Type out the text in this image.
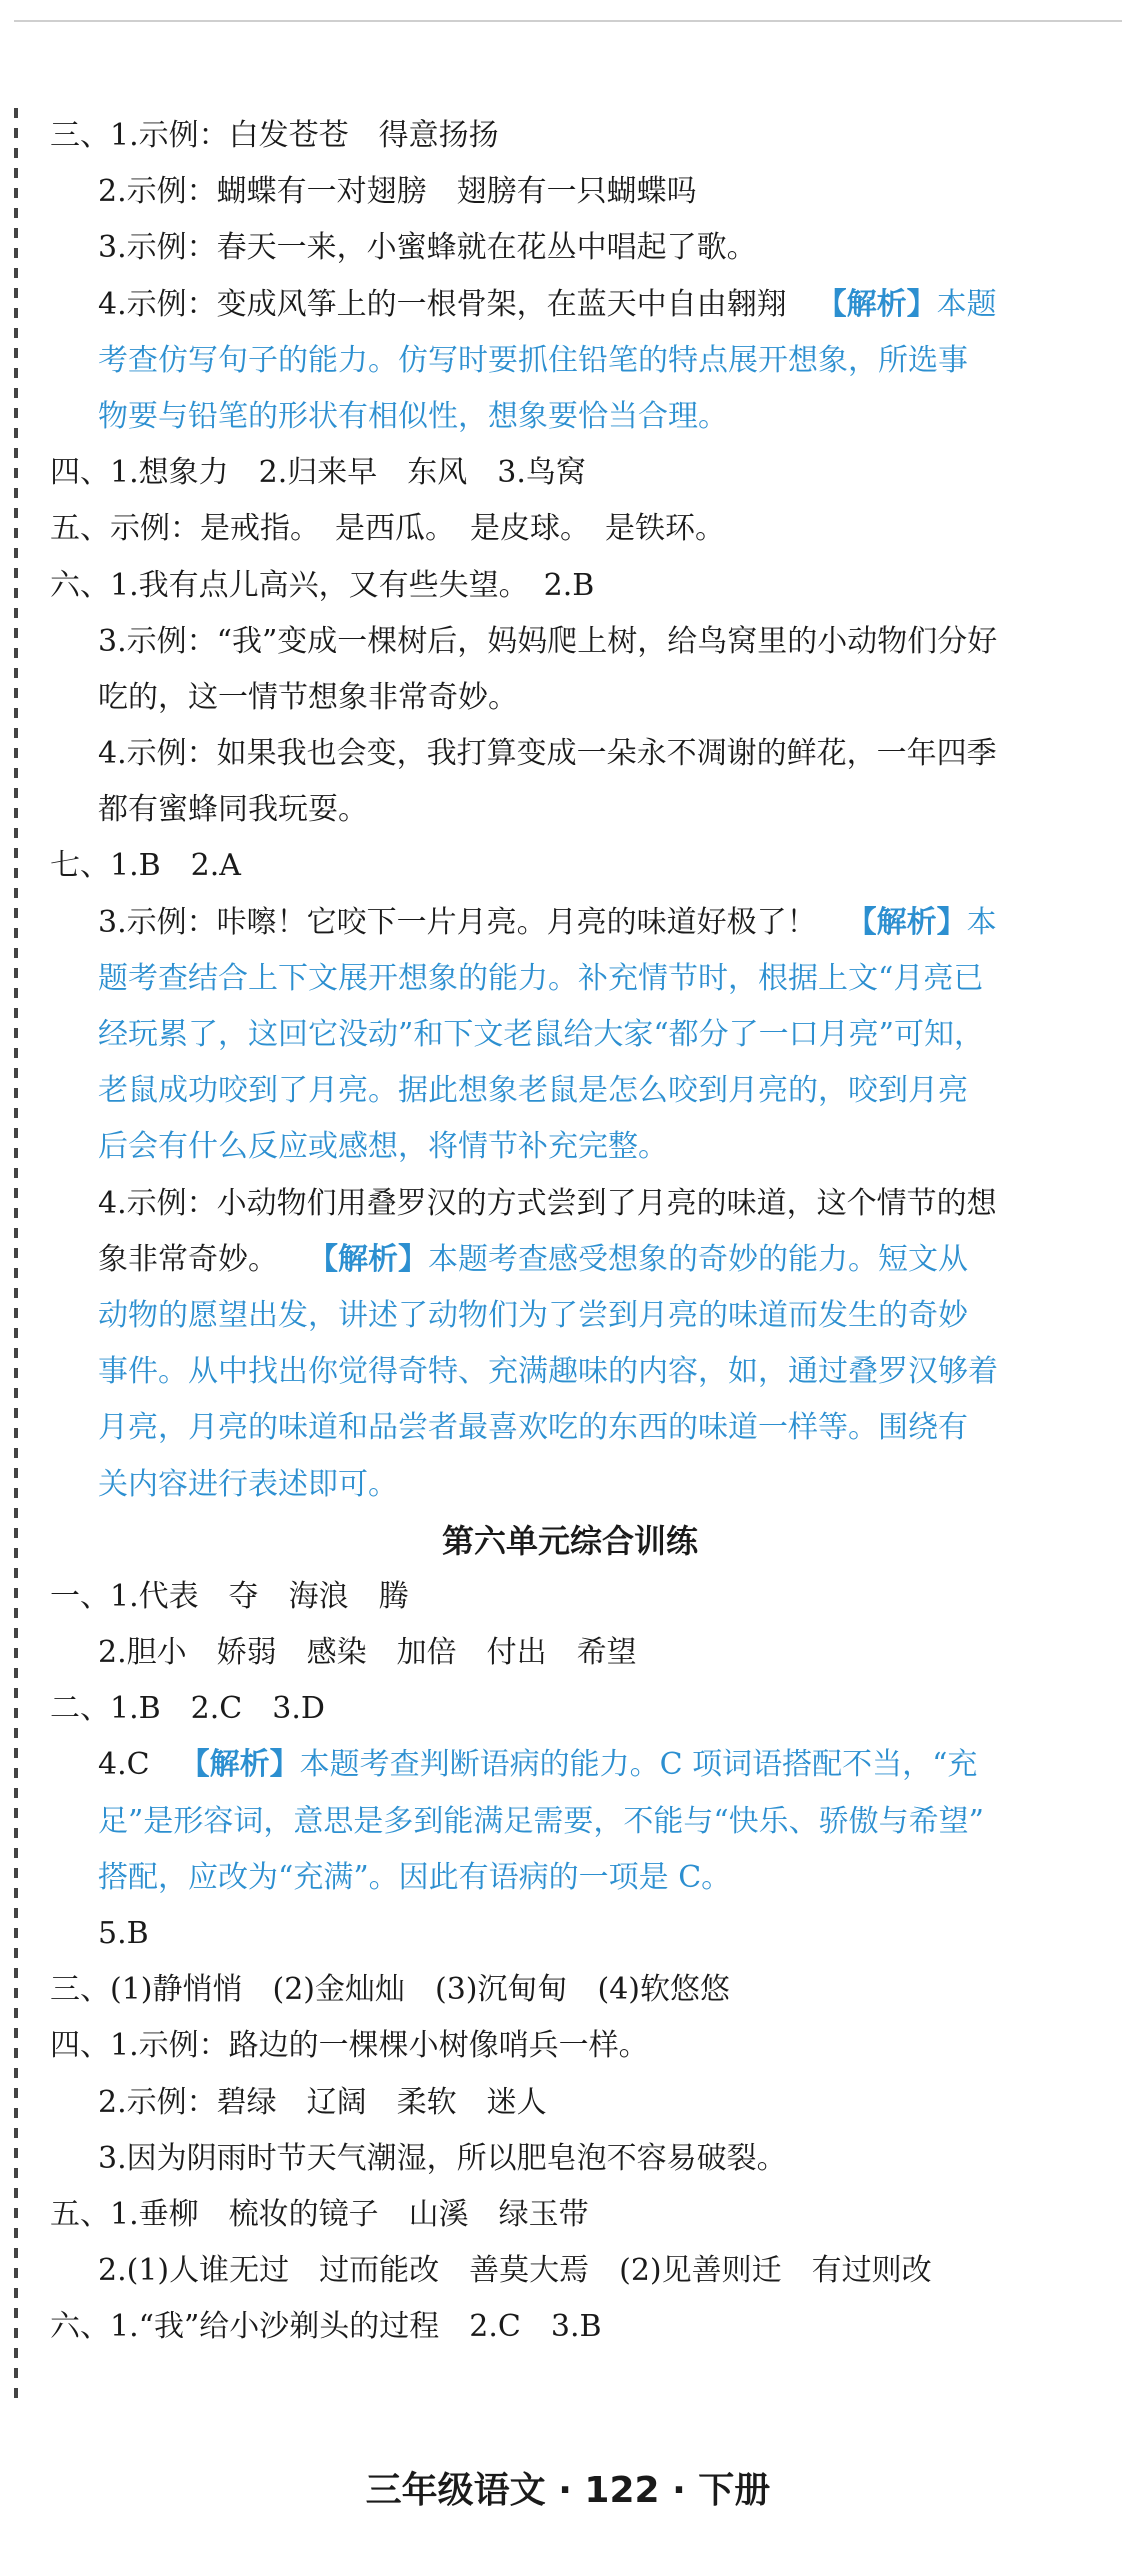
三、1.示例：白发苍苍　得意扬扬
2.示例：蝴蝶有一对翅膀　翅膀有一只蝴蝶吗
3.示例：春天一来，小蜜蜂就在花丛中唱起了歌。
4.示例：变成风筝上的一根骨架，在蓝天中自由翱翔 【解析】本题
考查仿写句子的能力。仿写时要抓住铅笔的特点展开想象，所选事
物要与铅笔的形状有相似性，想象要恰当合理。
四、1.想象力　2.归来早　东风　3.鸟窝
五、示例：是戒指。　是西瓜。　是皮球。　是铁环。
六、1.我有点儿高兴，又有些失望。　2.B
3.示例：“我”变成一棵树后，妈妈爬上树，给鸟窝里的小动物们分好
吃的，这一情节想象非常奇妙。
4.示例：如果我也会变，我打算变成一朵永不凋谢的鲜花，一年四季
都有蜜蜂同我玩耍。
七、1.B　2.A
3.示例：咔嚓！它咬下一片月亮。月亮的味道好极了！ 【解析】本
题考查结合上下文展开想象的能力。补充情节时，根据上文“月亮已
经玩累了，这回它没动”和下文老鼠给大家“都分了一口月亮”可知，
老鼠成功咬到了月亮。据此想象老鼠是怎么咬到月亮的，咬到月亮
后会有什么反应或感想，将情节补充完整。
4.示例：小动物们用叠罗汉的方式尝到了月亮的味道，这个情节的想
象非常奇妙。 【解析】本题考查感受想象的奇妙的能力。短文从
动物的愿望出发，讲述了动物们为了尝到月亮的味道而发生的奇妙
事件。从中找出你觉得奇特、充满趣味的内容，如，通过叠罗汉够着
月亮，月亮的味道和品尝者最喜欢吃的东西的味道一样等。围绕有
关内容进行表述即可。
第六单元综合训练
一、1.代表　夺　海浪　腾
2.胆小　娇弱　感染　加倍　付出　希望
二、1.B　2.C　3.D
4.C 【解析】本题考查判断语病的能力。C 项词语搭配不当，“充
足”是形容词，意思是多到能满足需要，不能与“快乐、骄傲与希望”
搭配，应改为“充满”。因此有语病的一项是 C。
5.B
三、(1)静悄悄　(2)金灿灿　(3)沉甸甸　(4)软悠悠
四、1.示例：路边的一棵棵小树像哨兵一样。
2.示例：碧绿　辽阔　柔软　迷人
3.因为阴雨时节天气潮湿，所以肥皂泡不容易破裂。
五、1.垂柳　梳妆的镜子　山溪　绿玉带
2.(1)人谁无过　过而能改　善莫大焉　(2)见善则迁　有过则改
六、1.“我”给小沙剃头的过程　2.C　3.B
三年级语文 · 122 · 下册
